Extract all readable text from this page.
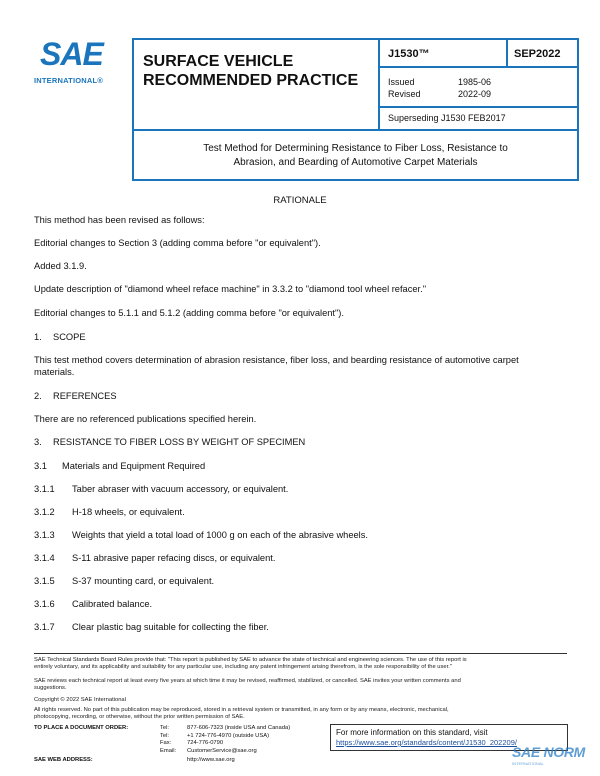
SAE
INTERNATIONAL®
SURFACE VEHICLE
RECOMMENDED PRACTICE
J1530™	SEP2022
Issued	1985-06
Revised	2022-09
Superseding J1530 FEB2017
Test Method for Determining Resistance to Fiber Loss, Resistance to
Abrasion, and Bearding of Automotive Carpet Materials
RATIONALE
This method has been revised as follows:
Editorial changes to Section 3 (adding comma before "or equivalent").
Added 3.1.9.
Update description of "diamond wheel reface machine" in 3.3.2 to "diamond tool wheel refacer."
Editorial changes to 5.1.1 and 5.1.2 (adding comma before "or equivalent").
1. SCOPE
This test method covers determination of abrasion resistance, fiber loss, and bearding resistance of automotive carpet
materials.
2. REFERENCES
There are no referenced publications specified herein.
3. RESISTANCE TO FIBER LOSS BY WEIGHT OF SPECIMEN
3.1 Materials and Equipment Required
3.1.1 Taber abraser with vacuum accessory, or equivalent.
3.1.2 H-18 wheels, or equivalent.
3.1.3 Weights that yield a total load of 1000 g on each of the abrasive wheels.
3.1.4 S-11 abrasive paper refacing discs, or equivalent.
3.1.5 S-37 mounting card, or equivalent.
3.1.6 Calibrated balance.
3.1.7 Clear plastic bag suitable for collecting the fiber.
SAE Technical Standards Board Rules provide that: "This report is published by SAE to advance the state of technical and engineering sciences. The use of this report is
entirely voluntary, and its applicability and suitability for any particular use, including any patent infringement arising therefrom, is the sole responsibility of the user."
SAE reviews each technical report at least every five years at which time it may be revised, reaffirmed, stabilized, or cancelled. SAE invites your written comments and
suggestions.
Copyright © 2022 SAE International
All rights reserved. No part of this publication may be reproduced, stored in a retrieval system or transmitted, in any form or by any means, electronic, mechanical,
photocopying, recording, or otherwise, without the prior written permission of SAE.
TO PLACE A DOCUMENT ORDER:	Tel:	877-606-7323 (inside USA and Canada)
Tel:	+1 724-776-4970 (outside USA)
Fax:	724-776-0790
Email:	CustomerService@sae.org
SAE WEB ADDRESS:	http://www.sae.org
For more information on this standard, visit
https://www.sae.org/standards/content/J1530_202209/
SAE NORM
INTERNATIONAL
